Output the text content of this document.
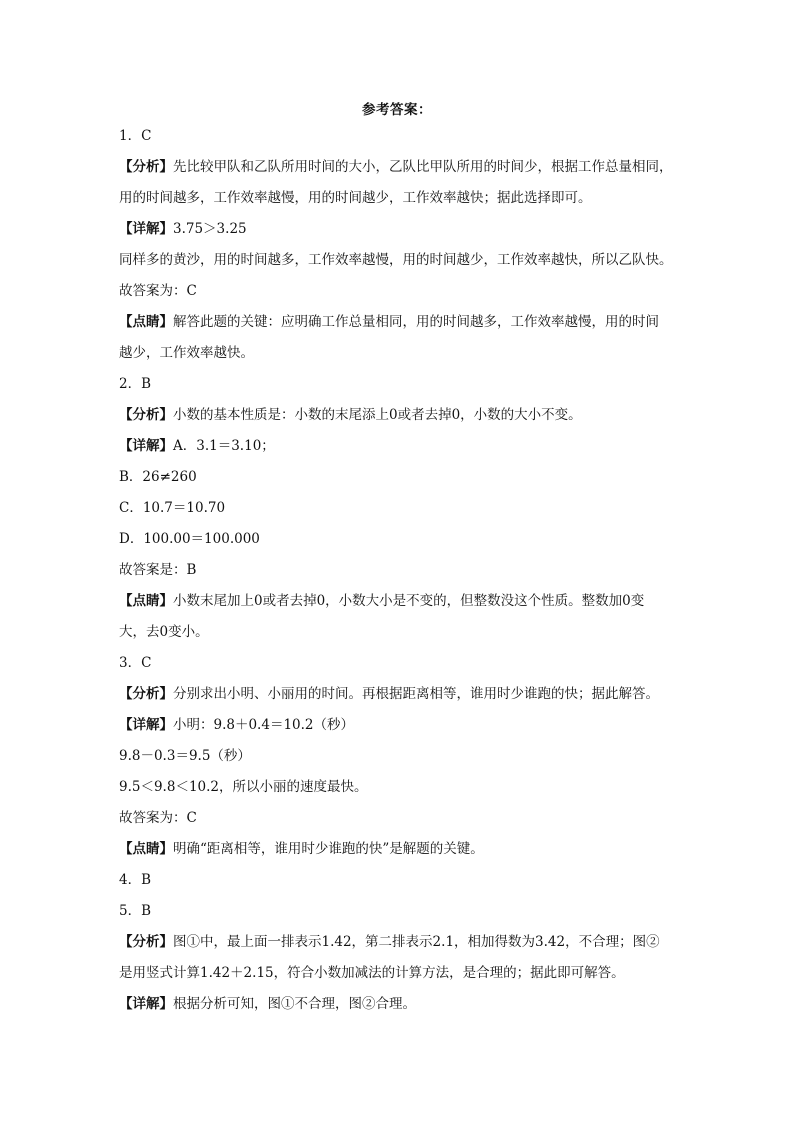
参考答案：
1．C
【分析】先比较甲队和乙队所用时间的大小，乙队比甲队所用的时间少，根据工作总量相同，
用的时间越多，工作效率越慢，用的时间越少，工作效率越快；据此选择即可。
【详解】3.75＞3.25
同样多的黄沙，用的时间越多，工作效率越慢，用的时间越少，工作效率越快，所以乙队快。
故答案为：C
【点睛】解答此题的关键：应明确工作总量相同，用的时间越多，工作效率越慢，用的时间
越少，工作效率越快。
2．B
【分析】小数的基本性质是：小数的末尾添上0或者去掉0，小数的大小不变。
【详解】A．3.1＝3.10；
B．26≠260
C．10.7＝10.70
D．100.00＝100.000
故答案是：B
【点睛】小数末尾加上0或者去掉0，小数大小是不变的，但整数没这个性质。整数加0变
大，去0变小。
3．C
【分析】分别求出小明、小丽用的时间。再根据距离相等，谁用时少谁跑的快；据此解答。
【详解】小明：9.8＋0.4＝10.2（秒）
9.8－0.3＝9.5（秒）
9.5＜9.8＜10.2，所以小丽的速度最快。
故答案为：C
【点睛】明确“距离相等，谁用时少谁跑的快”是解题的关键。
4．B
5．B
【分析】图①中，最上面一排表示1.42，第二排表示2.1，相加得数为3.42，不合理；图②
是用竖式计算1.42＋2.15，符合小数加减法的计算方法，是合理的；据此即可解答。
【详解】根据分析可知，图①不合理，图②合理。
